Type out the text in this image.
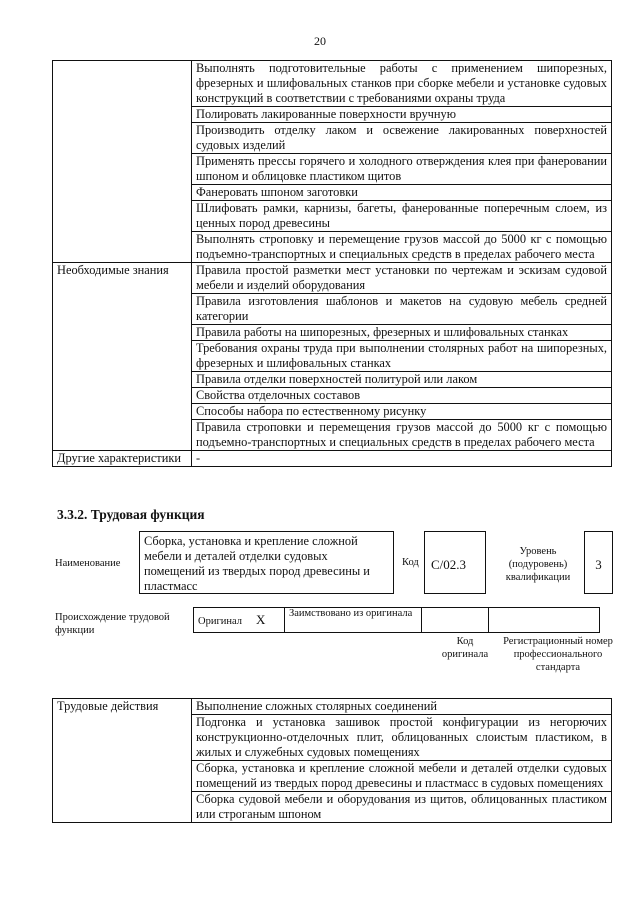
20
	Выполнять подготовительные работы с применением шипорезных, фрезерных и шлифовальных станков при сборке мебели и установке судовых конструкций в соответствии с требованиями охраны труда
	Полировать лакированные поверхности вручную
	Производить отделку лаком и освежение лакированных поверхностей судовых изделий
	Применять прессы горячего и холодного отверждения клея при фанеровании шпоном и облицовке пластиком щитов
	Фанеровать шпоном заготовки
	Шлифовать рамки, карнизы, багеты, фанерованные поперечным слоем, из ценных пород древесины
	Выполнять строповку и перемещение грузов массой до 5000 кг с помощью подъемно-транспортных и специальных средств в пределах рабочего места
Необходимые знания	Правила простой разметки мест установки по чертежам и эскизам судовой мебели и изделий оборудования
	Правила изготовления шаблонов и макетов на судовую мебель средней категории
	Правила работы на шипорезных, фрезерных и шлифовальных станках
	Требования охраны труда при выполнении столярных работ на шипорезных, фрезерных и шлифовальных станках
	Правила отделки поверхностей политурой или лаком
	Свойства отделочных составов
	Способы набора по естественному рисунку
	Правила строповки и перемещения грузов массой до 5000 кг с помощью подъемно-транспортных и специальных средств в пределах рабочего места
Другие характеристики	-
3.3.2. Трудовая функция
Наименование
Сборка, установка и крепление сложной мебели и деталей отделки судовых помещений из твердых пород древесины и пластмасс
Код C/02.3
Уровень (подуровень) квалификации
3
Происхождение трудовой функции
Оригинал X	Заимствовано из оригинала		
Код оригинала
Регистрационный номер профессионального стандарта
Трудовые действия	Выполнение сложных столярных соединений
Подгонка и установка зашивок простой конфигурации из негорючих конструкционно-отделочных плит, облицованных слоистым пластиком, в жилых и служебных судовых помещениях
Сборка, установка и крепление сложной мебели и деталей отделки судовых помещений из твердых пород древесины и пластмасс в судовых помещениях
Сборка судовой мебели и оборудования из щитов, облицованных пластиком или строганым шпоном
